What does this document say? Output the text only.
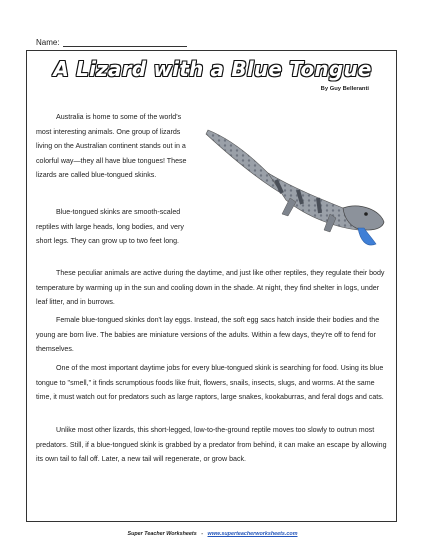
Name:
A Lizard with a Blue Tongue
By Guy Belleranti

Australia is home to some of the world's most interesting animals. One group of lizards living on the Australian continent stands out in a colorful way—they all have blue tongues! These lizards are called blue-tongued skinks.

Blue-tongued skinks are smooth-scaled reptiles with large heads, long bodies, and very short legs. They can grow up to two feet long.

These peculiar animals are active during the daytime, and just like other reptiles, they regulate their body temperature by warming up in the sun and cooling down in the shade. At night, they find shelter in logs, under leaf litter, and in burrows.

Female blue-tongued skinks don't lay eggs. Instead, the soft egg sacs hatch inside their bodies and the young are born live. The babies are miniature versions of the adults. Within a few days, they're off to fend for themselves.

One of the most important daytime jobs for every blue-tongued skink is searching for food. Using its blue tongue to "smell," it finds scrumptious foods like fruit, flowers, snails, insects, slugs, and worms. At the same time, it must watch out for predators such as large raptors, large snakes, kookaburras, and feral dogs and cats.

Unlike most other lizards, this short-legged, low-to-the-ground reptile moves too slowly to outrun most predators. Still, if a blue-tongued skink is grabbed by a predator from behind, it can make an escape by allowing its own tail to fall off. Later, a new tail will regenerate, or grow back.

Super Teacher Worksheets - www.superteacherworksheets.com
